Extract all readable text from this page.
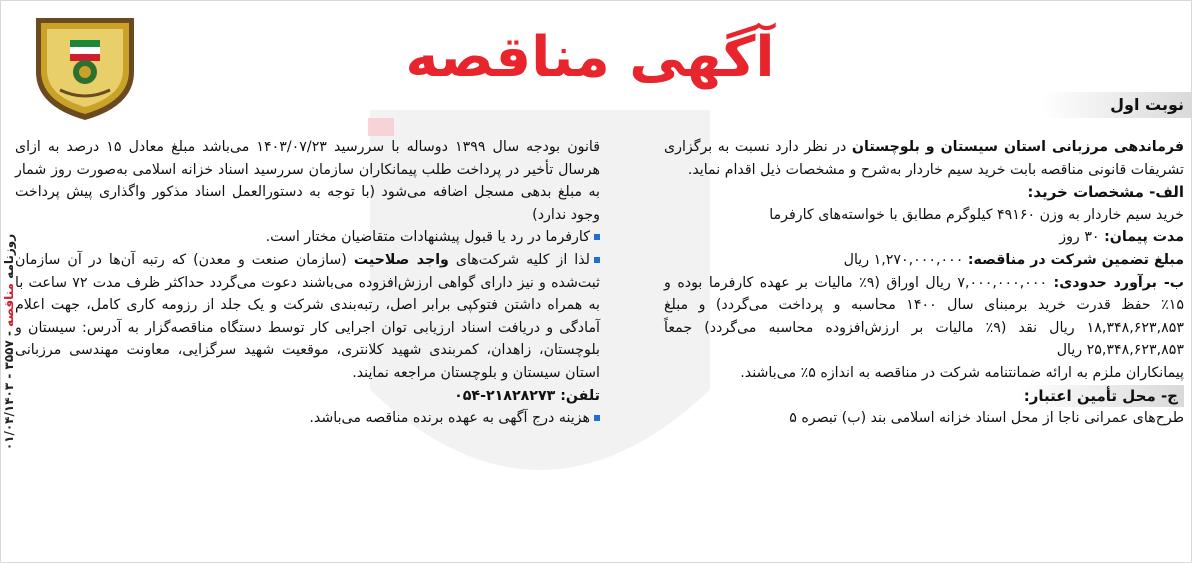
روزنامه مناقصه - ۳۵۵۷ - ۰۱/۰۴/۱۴۰۳
آگهی مناقصه
نوبت اول

فرماندهی مرزبانی استان سیستان و بلوچستان در نظر دارد نسبت به برگزاری تشریفات قانونی مناقصه بابت خرید سیم خاردار به‌شرح و مشخصات ذیل اقدام نماید.

الف- مشخصات خرید:

خرید سیم خاردار به وزن ۴۹۱۶۰ کیلوگرم مطابق با خواسته‌های کارفرما

مدت پیمان: ۳۰ روز

مبلغ تضمین شرکت در مناقصه: ۱,۲۷۰,۰۰۰,۰۰۰ ریال

ب- برآورد حدودی: ۷,۰۰۰,۰۰۰,۰۰۰ ریال اوراق (۹٪ مالیات بر عهده کارفرما بوده و ۱۵٪ حفظ قدرت خرید برمبنای سال ۱۴۰۰ محاسبه و پرداخت می‌گردد) و مبلغ ۱۸,۳۴۸,۶۲۳,۸۵۳ ریال نقد (۹٪ مالیات بر ارزش‌افزوده محاسبه می‌گردد) جمعاً ۲۵,۳۴۸,۶۲۳,۸۵۳ ریال

پیمانکاران ملزم به ارائه ضمانتنامه شرکت در مناقصه به اندازه ۵٪ می‌باشند.

ج- محل تأمین اعتبار:

طرح‌های عمرانی ناجا از محل اسناد خزانه اسلامی بند (ب) تبصره ۵

قانون بودجه سال ۱۳۹۹ دوساله با سررسید ۱۴۰۳/۰۷/۲۳ می‌باشد مبلغ معادل ۱۵ درصد به ازای هرسال تأخیر در پرداخت طلب پیمانکاران سازمان سررسید اسناد خزانه اسلامی به‌صورت روز شمار به مبلغ بدهی مسجل اضافه می‌شود (با توجه به دستورالعمل اسناد مذکور واگذاری پیش پرداخت وجود ندارد)

کارفرما در رد یا قبول پیشنهادات متقاضیان مختار است.

لذا از کلیه شرکت‌های واجد صلاحیت (سازمان صنعت و معدن) که رتبه آن‌ها در آن سازمان ثبت‌شده و نیز دارای گواهی ارزش‌افزوده می‌باشند دعوت می‌گردد حداکثر ظرف مدت ۷۲ ساعت با به همراه داشتن فتوکپی برابر اصل، رتبه‌بندی شرکت و یک جلد از رزومه کاری کامل، جهت اعلام آمادگی و دریافت اسناد ارزیابی توان اجرایی کار توسط دستگاه مناقصه‌گزار به آدرس: سیستان و بلوچستان، زاهدان، کمربندی شهید کلانتری، موقعیت شهید سرگزایی، معاونت مهندسی مرزبانی استان سیستان و بلوچستان مراجعه نمایند.

تلفن: ۲۱۸۲۸۲۷۳-۰۵۴

هزینه درج آگهی به عهده برنده مناقصه می‌باشد.
